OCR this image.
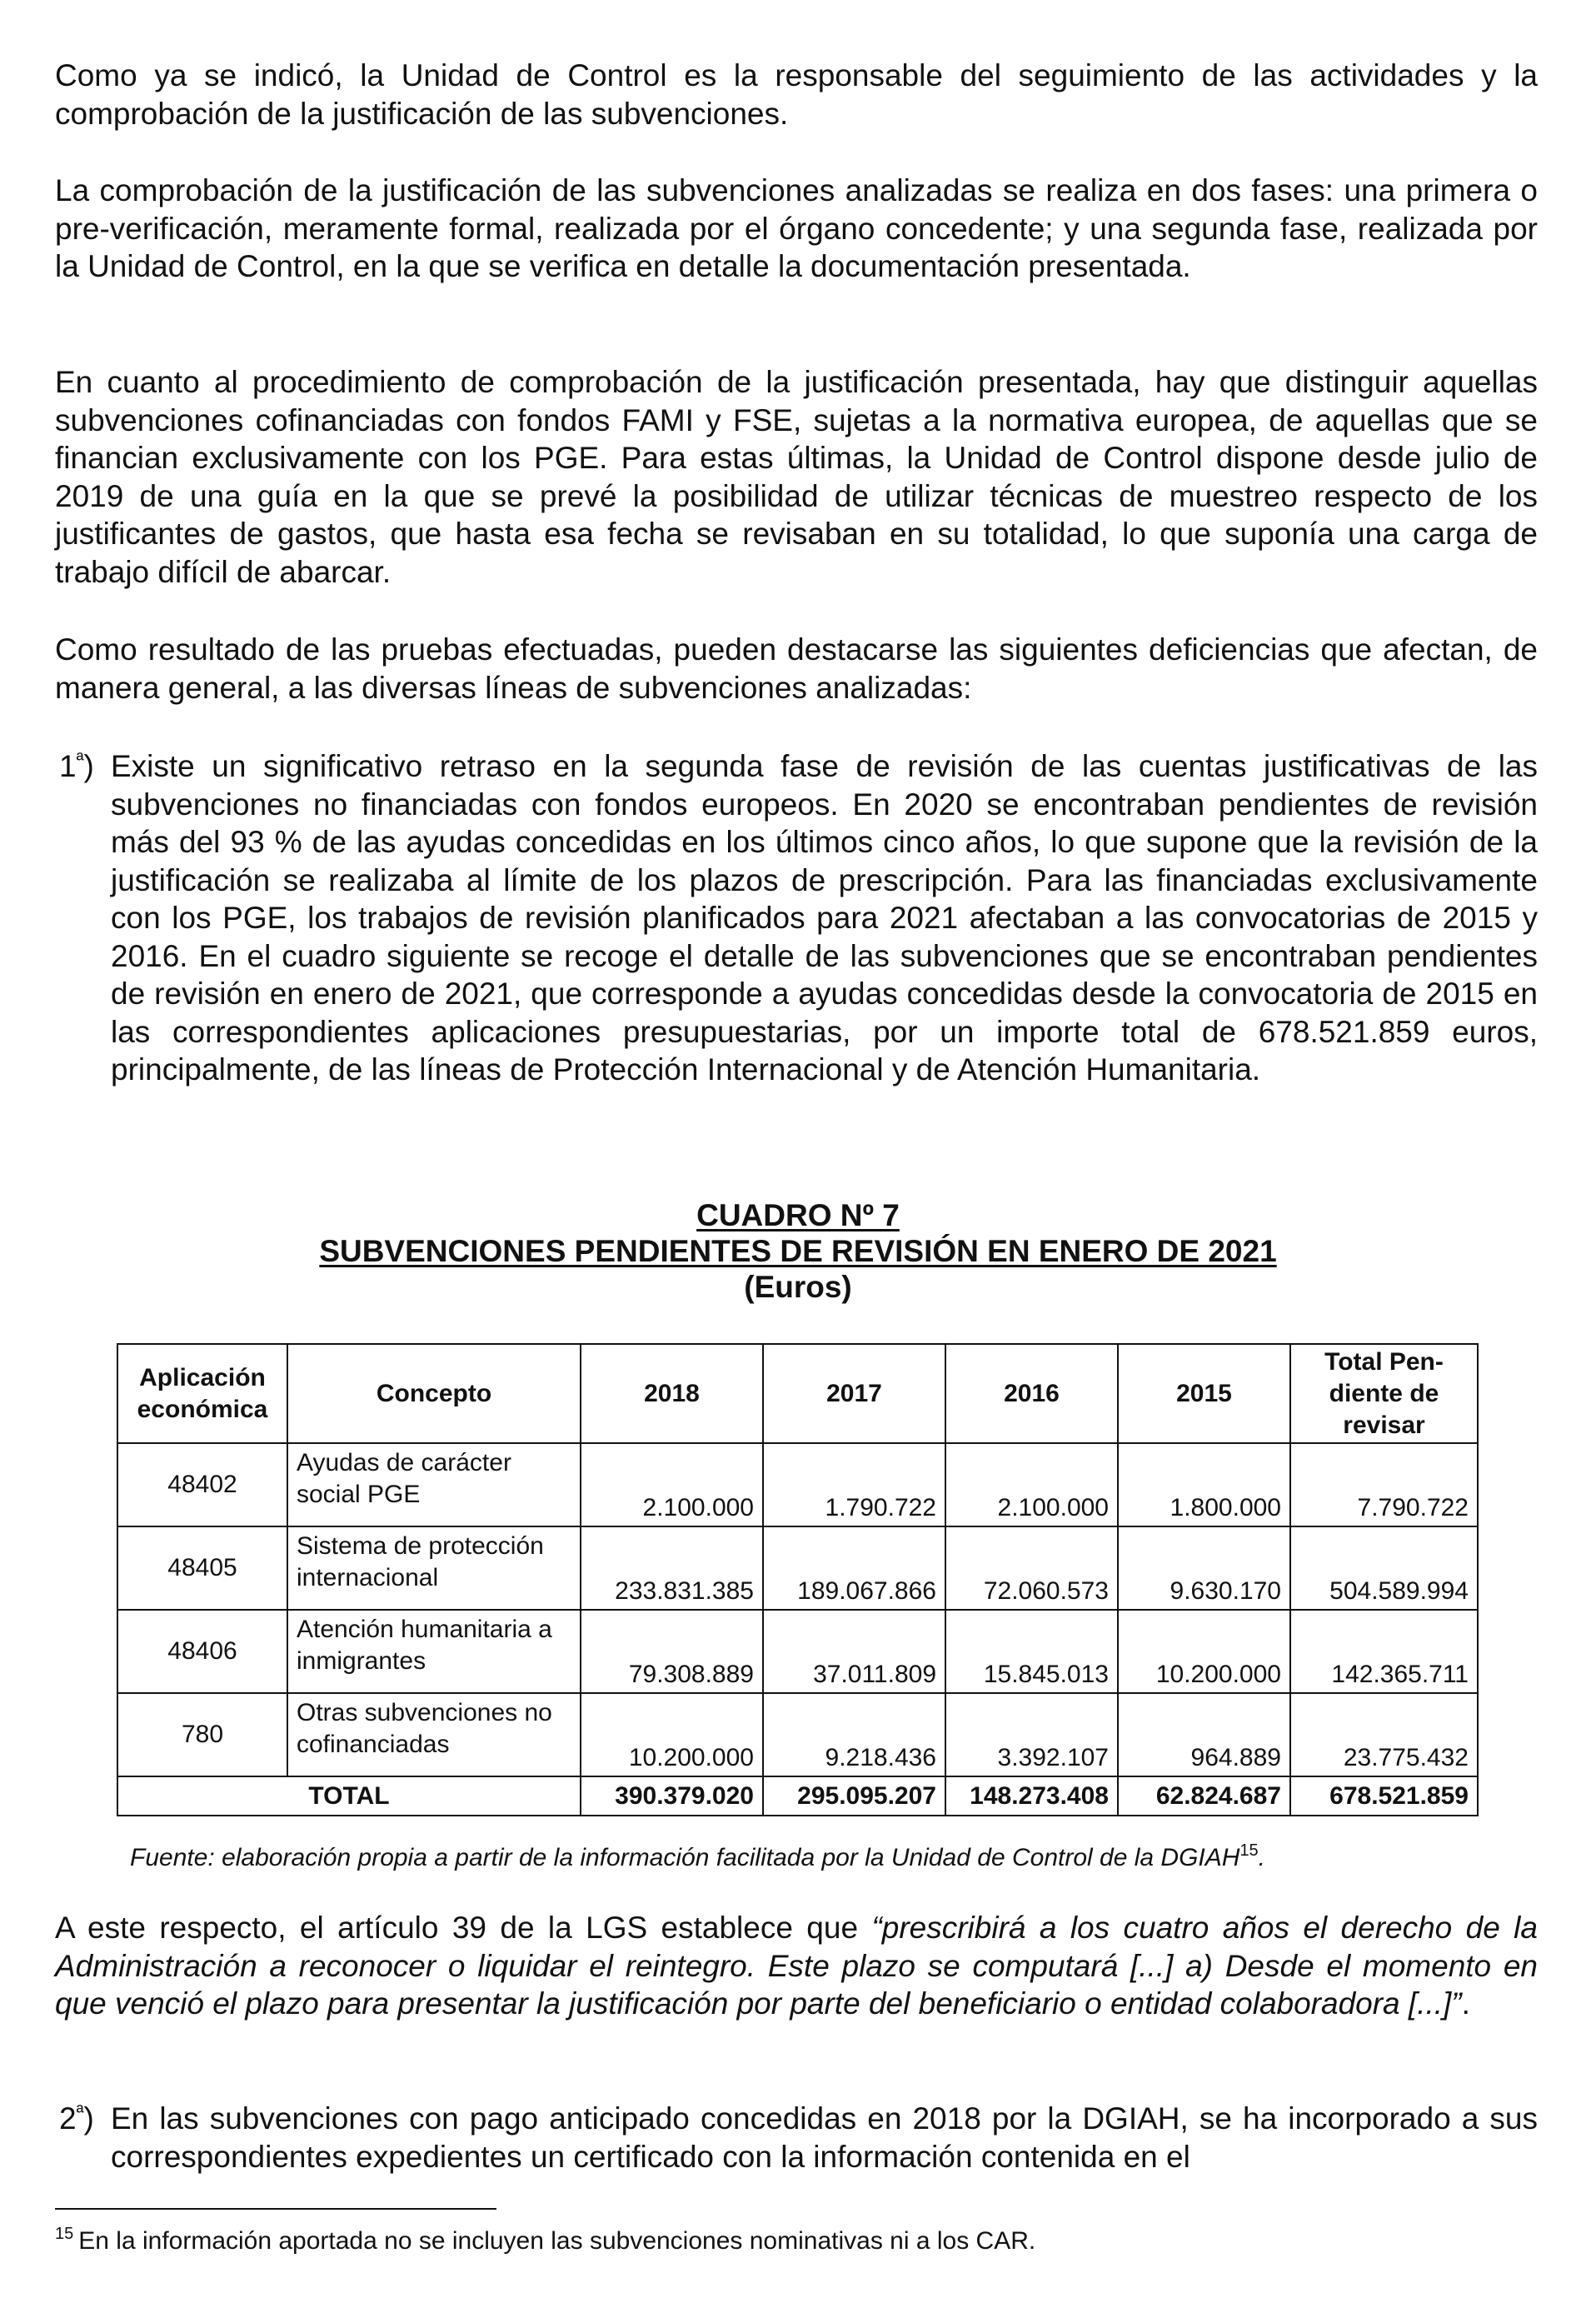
Como ya se indicó, la Unidad de Control es la responsable del seguimiento de las actividades y la comprobación de la justificación de las subvenciones.

La comprobación de la justificación de las subvenciones analizadas se realiza en dos fases: una primera o pre-verificación, meramente formal, realizada por el órgano concedente; y una segunda fase, realizada por la Unidad de Control, en la que se verifica en detalle la documentación presentada.

En cuanto al procedimiento de comprobación de la justificación presentada, hay que distinguir aquellas subvenciones cofinanciadas con fondos FAMI y FSE, sujetas a la normativa europea, de aquellas que se financian exclusivamente con los PGE. Para estas últimas, la Unidad de Control dispone desde julio de 2019 de una guía en la que se prevé la posibilidad de utilizar técnicas de muestreo respecto de los justificantes de gastos, que hasta esa fecha se revisaban en su totalidad, lo que suponía una carga de trabajo difícil de abarcar.

Como resultado de las pruebas efectuadas, pueden destacarse las siguientes deficiencias que afectan, de manera general, a las diversas líneas de subvenciones analizadas:

$1^ª$) Existe un significativo retraso en la segunda fase de revisión de las cuentas justificativas de las subvenciones no financiadas con fondos europeos. En 2020 se encontraban pendientes de revisión más del 93 % de las ayudas concedidas en los últimos cinco años, lo que supone que la revisión de la justificación se realizaba al límite de los plazos de prescripción. Para las financiadas exclusivamente con los PGE, los trabajos de revisión planificados para 2021 afectaban a las convocatorias de 2015 y 2016. En el cuadro siguiente se recoge el detalle de las subvenciones que se encontraban pendientes de revisión en enero de 2021, que corresponde a ayudas concedidas desde la convocatoria de 2015 en las correspondientes aplicaciones presupuestarias, por un importe total de 678.521.859 euros, principalmente, de las líneas de Protección Internacional y de Atención Humanitaria.
CUADRO Nº 7
SUBVENCIONES PENDIENTES DE REVISIÓN EN ENERO DE 2021
(Euros)
Aplicación económica	Concepto	2018	2017	2016	2015	Total Pendiente de revisar
48402	Ayudas de carácter social PGE	2.100.000	1.790.722	2.100.000	1.800.000	7.790.722
48405	Sistema de protección internacional	233.831.385	189.067.866	72.060.573	9.630.170	504.589.994
48406	Atención humanitaria a inmigrantes	79.308.889	37.011.809	15.845.013	10.200.000	142.365.711
780	Otras subvenciones no cofinanciadas	10.200.000	9.218.436	3.392.107	964.889	23.775.432
TOTAL		390.379.020	295.095.207	148.273.408	62.824.687	678.521.859
Fuente: elaboración propia a partir de la información facilitada por la Unidad de Control de la DGIAH$^{15}$.

A este respecto, el artículo 39 de la LGS establece que “prescribirá a los cuatro años el derecho de la Administración a reconocer o liquidar el reintegro. Este plazo se computará [...] a) Desde el momento en que venció el plazo para presentar la justificación por parte del beneficiario o entidad colaboradora [...]”.

$2^ª$) En las subvenciones con pago anticipado concedidas en 2018 por la DGIAH, se ha incorporado a sus correspondientes expedientes un certificado con la información contenida en el
$^{15}$ En la información aportada no se incluyen las subvenciones nominativas ni a los CAR.
